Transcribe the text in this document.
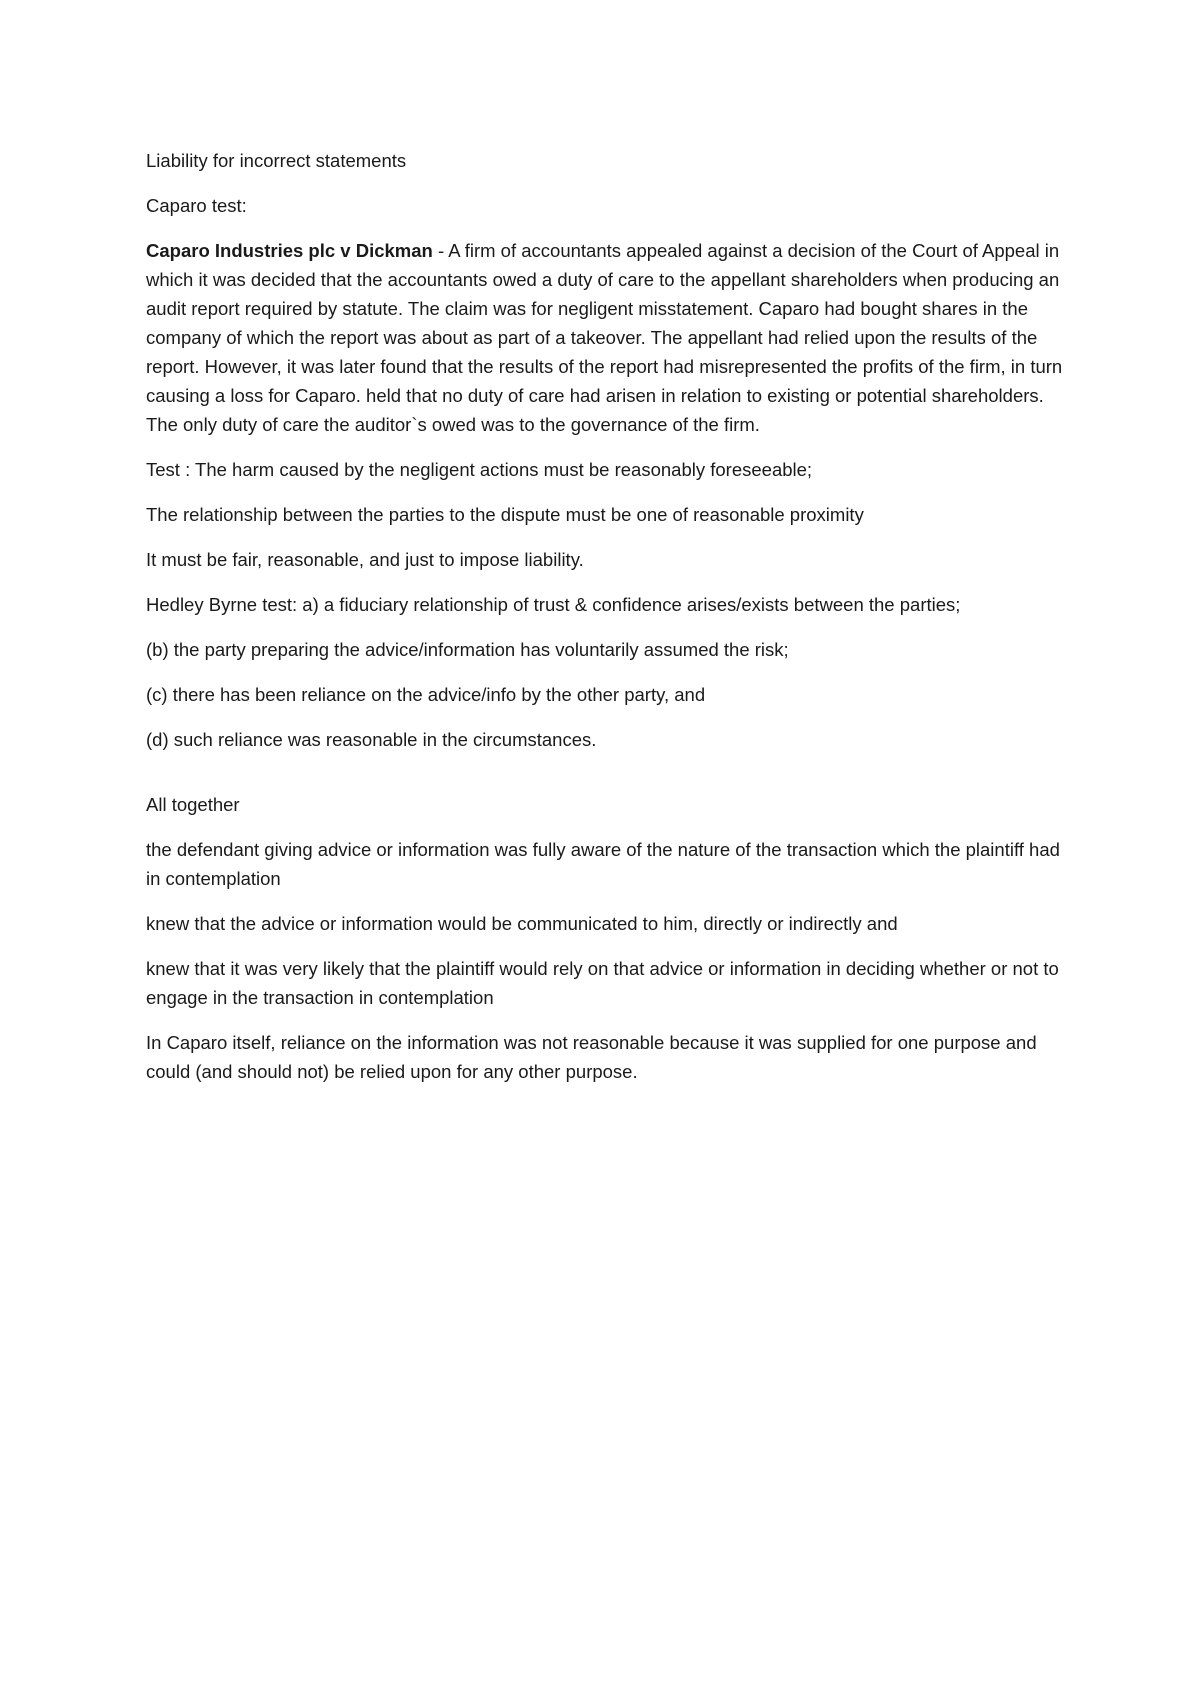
Liability for incorrect statements

Caparo test:

Caparo Industries plc v Dickman - A firm of accountants appealed against a decision of the Court of Appeal in which it was decided that the accountants owed a duty of care to the appellant shareholders when producing an audit report required by statute. The claim was for negligent misstatement. Caparo had bought shares in the company of which the report was about as part of a takeover. The appellant had relied upon the results of the report. However, it was later found that the results of the report had misrepresented the profits of the firm, in turn causing a loss for Caparo. held that no duty of care had arisen in relation to existing or potential shareholders. The only duty of care the auditor`s owed was to the governance of the firm.

Test : The harm caused by the negligent actions must be reasonably foreseeable;

The relationship between the parties to the dispute must be one of reasonable proximity

It must be fair, reasonable, and just to impose liability.

Hedley Byrne test: a) a fiduciary relationship of trust & confidence arises/exists between the parties;

(b) the party preparing the advice/information has voluntarily assumed the risk;

(c) there has been reliance on the advice/info by the other party, and

(d) such reliance was reasonable in the circumstances.

All together

the defendant giving advice or information was fully aware of the nature of the transaction which the plaintiff had in contemplation

knew that the advice or information would be communicated to him, directly or indirectly and

knew that it was very likely that the plaintiff would rely on that advice or information in deciding whether or not to engage in the transaction in contemplation

In Caparo itself, reliance on the information was not reasonable because it was supplied for one purpose and could (and should not) be relied upon for any other purpose.
